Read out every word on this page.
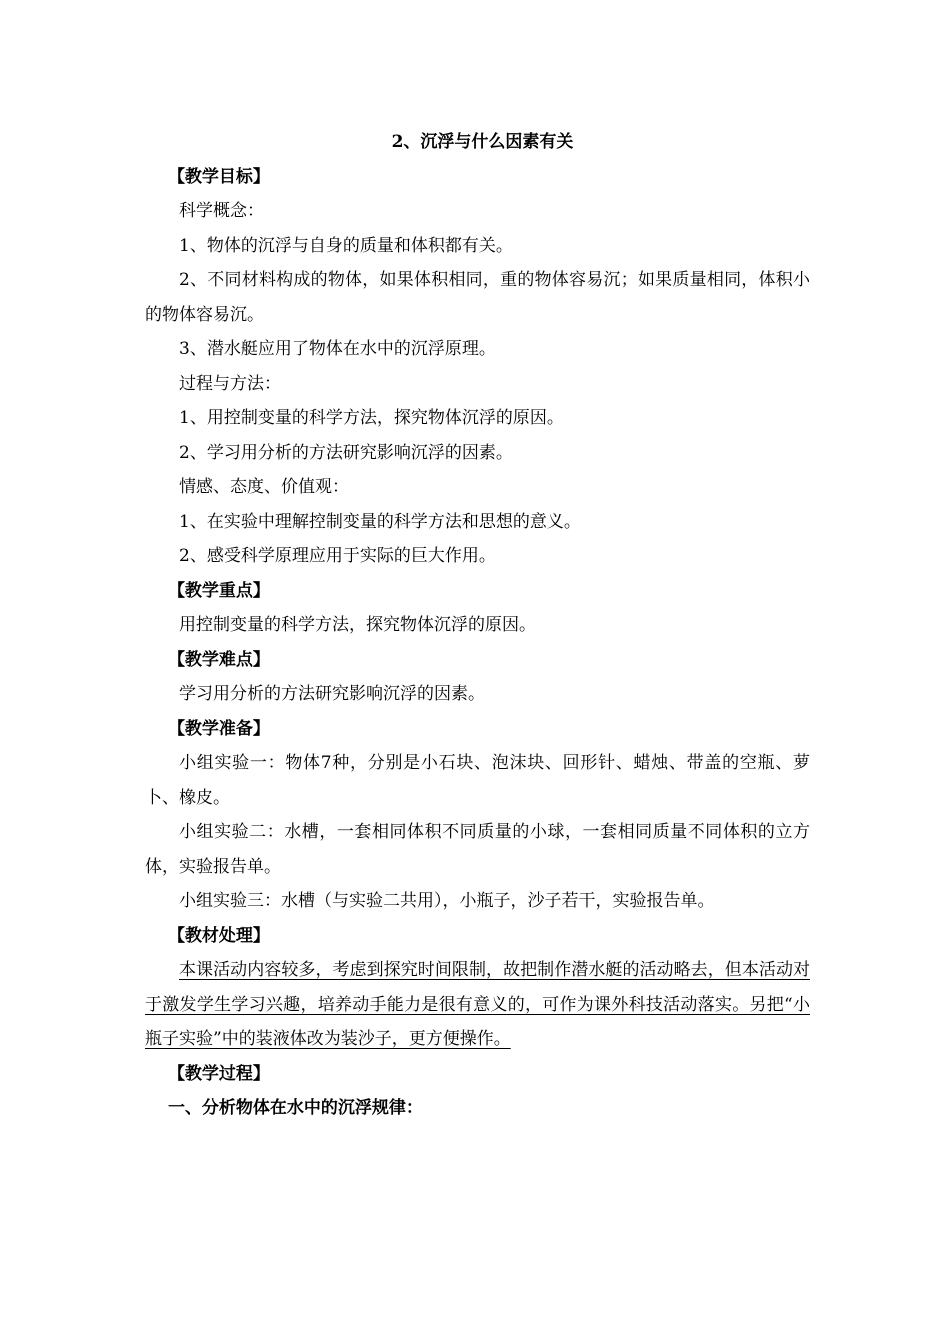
2、沉浮与什么因素有关

【教学目标】

科学概念：

1、物体的沉浮与自身的质量和体积都有关。

2、不同材料构成的物体，如果体积相同，重的物体容易沉；如果质量相同，体积小的物体容易沉。

3、潜水艇应用了物体在水中的沉浮原理。

过程与方法：

1、用控制变量的科学方法，探究物体沉浮的原因。

2、学习用分析的方法研究影响沉浮的因素。

情感、态度、价值观：

1、在实验中理解控制变量的科学方法和思想的意义。

2、感受科学原理应用于实际的巨大作用。

【教学重点】

用控制变量的科学方法，探究物体沉浮的原因。

【教学难点】

学习用分析的方法研究影响沉浮的因素。

【教学准备】

小组实验一：物体7种，分别是小石块、泡沫块、回形针、蜡烛、带盖的空瓶、萝卜、橡皮。

小组实验二：水槽，一套相同体积不同质量的小球，一套相同质量不同体积的立方体，实验报告单。

小组实验三：水槽（与实验二共用），小瓶子，沙子若干，实验报告单。

【教材处理】

本课活动内容较多，考虑到探究时间限制，故把制作潜水艇的活动略去，但本活动对于激发学生学习兴趣，培养动手能力是很有意义的，可作为课外科技活动落实。另把“小瓶子实验”中的装液体改为装沙子，更方便操作。

【教学过程】

一、分析物体在水中的沉浮规律：
